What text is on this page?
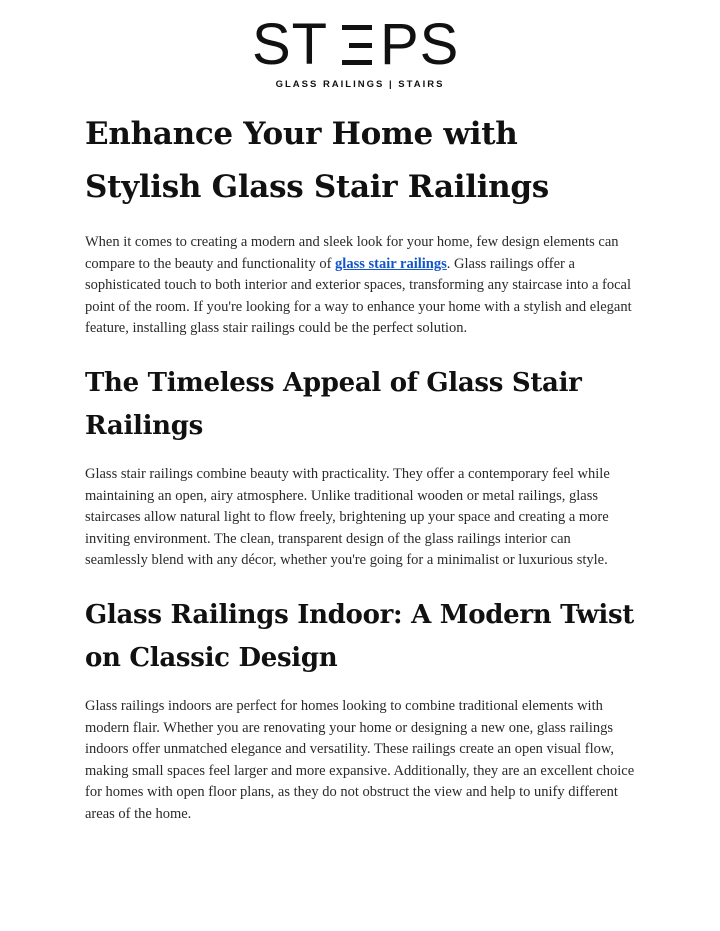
ST PS
GLASS RAILINGS | STAIRS
Enhance Your Home with Stylish Glass Stair Railings

When it comes to creating a modern and sleek look for your home, few design elements can compare to the beauty and functionality of glass stair railings. Glass railings offer a sophisticated touch to both interior and exterior spaces, transforming any staircase into a focal point of the room. If you're looking for a way to enhance your home with a stylish and elegant feature, installing glass stair railings could be the perfect solution.

The Timeless Appeal of Glass Stair Railings

Glass stair railings combine beauty with practicality. They offer a contemporary feel while maintaining an open, airy atmosphere. Unlike traditional wooden or metal railings, glass staircases allow natural light to flow freely, brightening up your space and creating a more inviting environment. The clean, transparent design of the glass railings interior can seamlessly blend with any décor, whether you're going for a minimalist or luxurious style.

Glass Railings Indoor: A Modern Twist on Classic Design

Glass railings indoors are perfect for homes looking to combine traditional elements with modern flair. Whether you are renovating your home or designing a new one, glass railings indoors offer unmatched elegance and versatility. These railings create an open visual flow, making small spaces feel larger and more expansive. Additionally, they are an excellent choice for homes with open floor plans, as they do not obstruct the view and help to unify different areas of the home.
